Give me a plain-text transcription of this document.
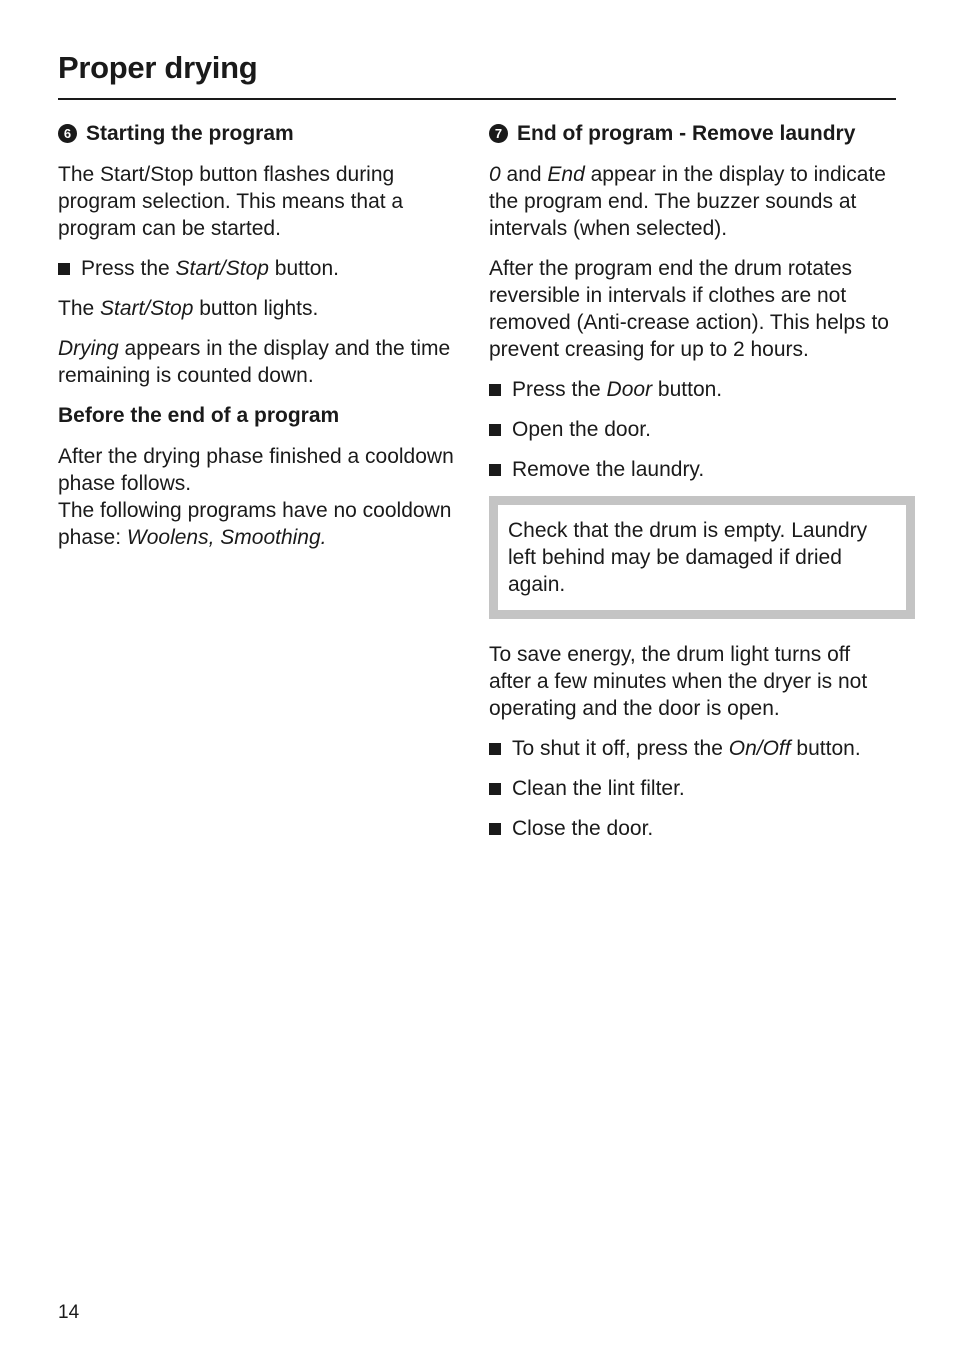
Proper drying
6 Starting the program

The Start/Stop button flashes during program selection. This means that a program can be started.

Press the Start/Stop button.

The Start/Stop button lights.

Drying appears in the display and the time remaining is counted down.

Before the end of a program

After the drying phase finished a cooldown phase follows.
The following programs have no cooldown phase: Woolens, Smoothing.

7 End of program - Remove laundry

0 and End appear in the display to indicate the program end. The buzzer sounds at intervals (when selected).

After the program end the drum rotates reversible in intervals if clothes are not removed (Anti-crease action). This helps to prevent creasing for up to 2 hours.

Press the Door button.
Open the door.
Remove the laundry.

Check that the drum is empty. Laundry left behind may be damaged if dried again.

To save energy, the drum light turns off after a few minutes when the dryer is not operating and the door is open.

To shut it off, press the On/Off button.
Clean the lint filter.
Close the door.
14
